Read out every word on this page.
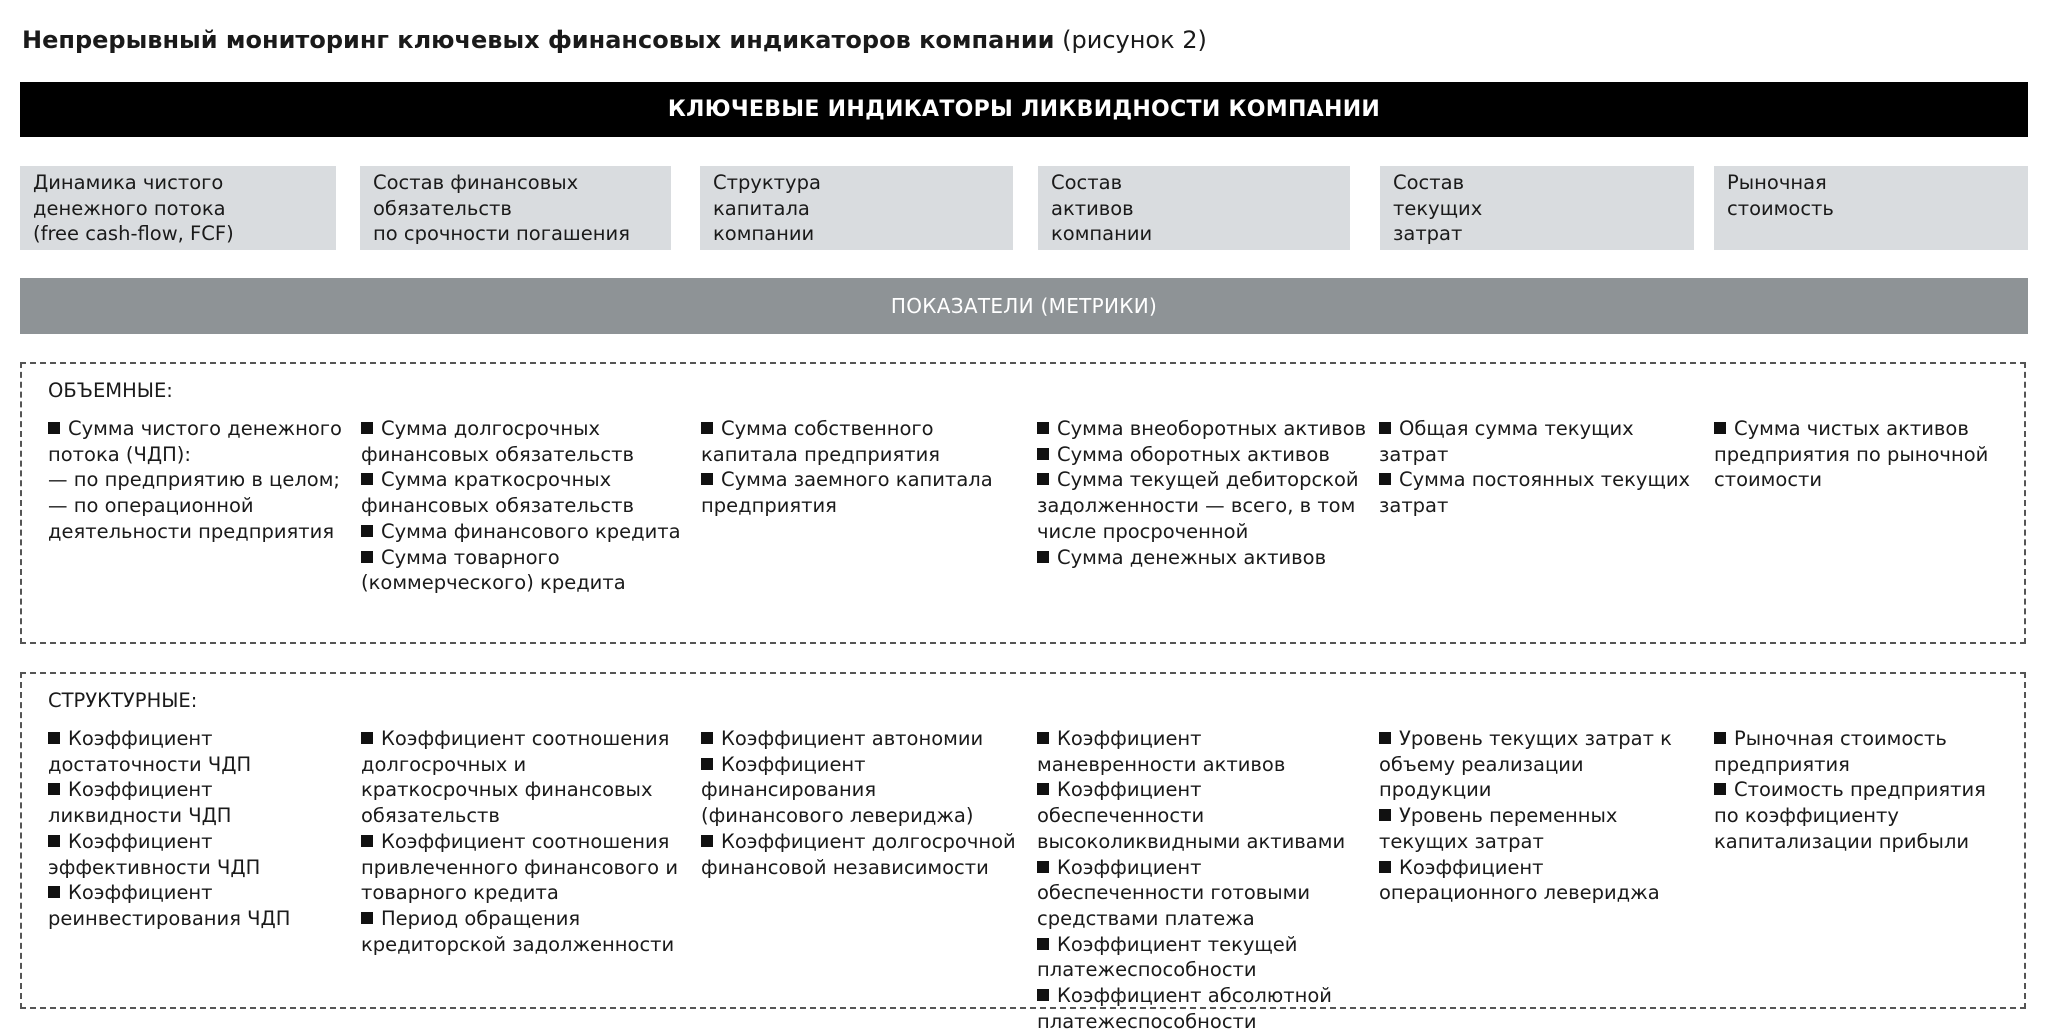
Непрерывный мониторинг ключевых финансовых индикаторов компании (рисунок 2)
КЛЮЧЕВЫЕ ИНДИКАТОРЫ ЛИКВИДНОСТИ КОМПАНИИ
Динамика чистого
денежного потока
(free cash-flow, FCF)
Состав финансовых
обязательств
по срочности погашения
Структура
капитала
компании
Состав
активов
компании
Состав
текущих
затрат
Рыночная
стоимость
ПОКАЗАТЕЛИ (МЕТРИКИ)
ОБЪЕМНЫЕ:

Сумма чистого денежного потока (ЧДП):

— по предприятию в целом;

— по операционной деятельности предприятия

Сумма долгосрочных финансовых обязательств

Сумма краткосрочных финансовых обязательств

Сумма финансового кредита

Сумма товарного (коммерческого) кредита

Сумма собственного капитала предприятия

Сумма заемного капитала предприятия

Сумма внеоборотных активов

Сумма оборотных активов

Сумма текущей дебиторской задолженности — всего, в том числе просроченной

Сумма денежных активов

Общая сумма текущих затрат

Сумма постоянных текущих затрат

Сумма чистых активов предприятия по рыночной стоимости

СТРУКТУРНЫЕ:

Коэффициент достаточности ЧДП

Коэффициент ликвидности ЧДП

Коэффициент эффективности ЧДП

Коэффициент реинвестирования ЧДП

Коэффициент соотношения долгосрочных и краткосрочных финансовых обязательств

Коэффициент соотношения привлеченного финансового и товарного кредита

Период обращения кредиторской задолженности

Коэффициент автономии

Коэффициент финансирования (финансового левериджа)

Коэффициент долгосрочной финансовой независимости

Коэффициент маневренности активов

Коэффициент обеспеченности высоколиквидными активами

Коэффициент обеспеченности готовыми средствами платежа

Коэффициент текущей платежеспособности

Коэффициент абсолютной платежеспособности

Уровень текущих затрат к объему реализации продукции

Уровень переменных текущих затрат

Коэффициент операционного левериджа

Рыночная стоимость предприятия

Стоимость предприятия по коэффициенту капитализации прибыли
